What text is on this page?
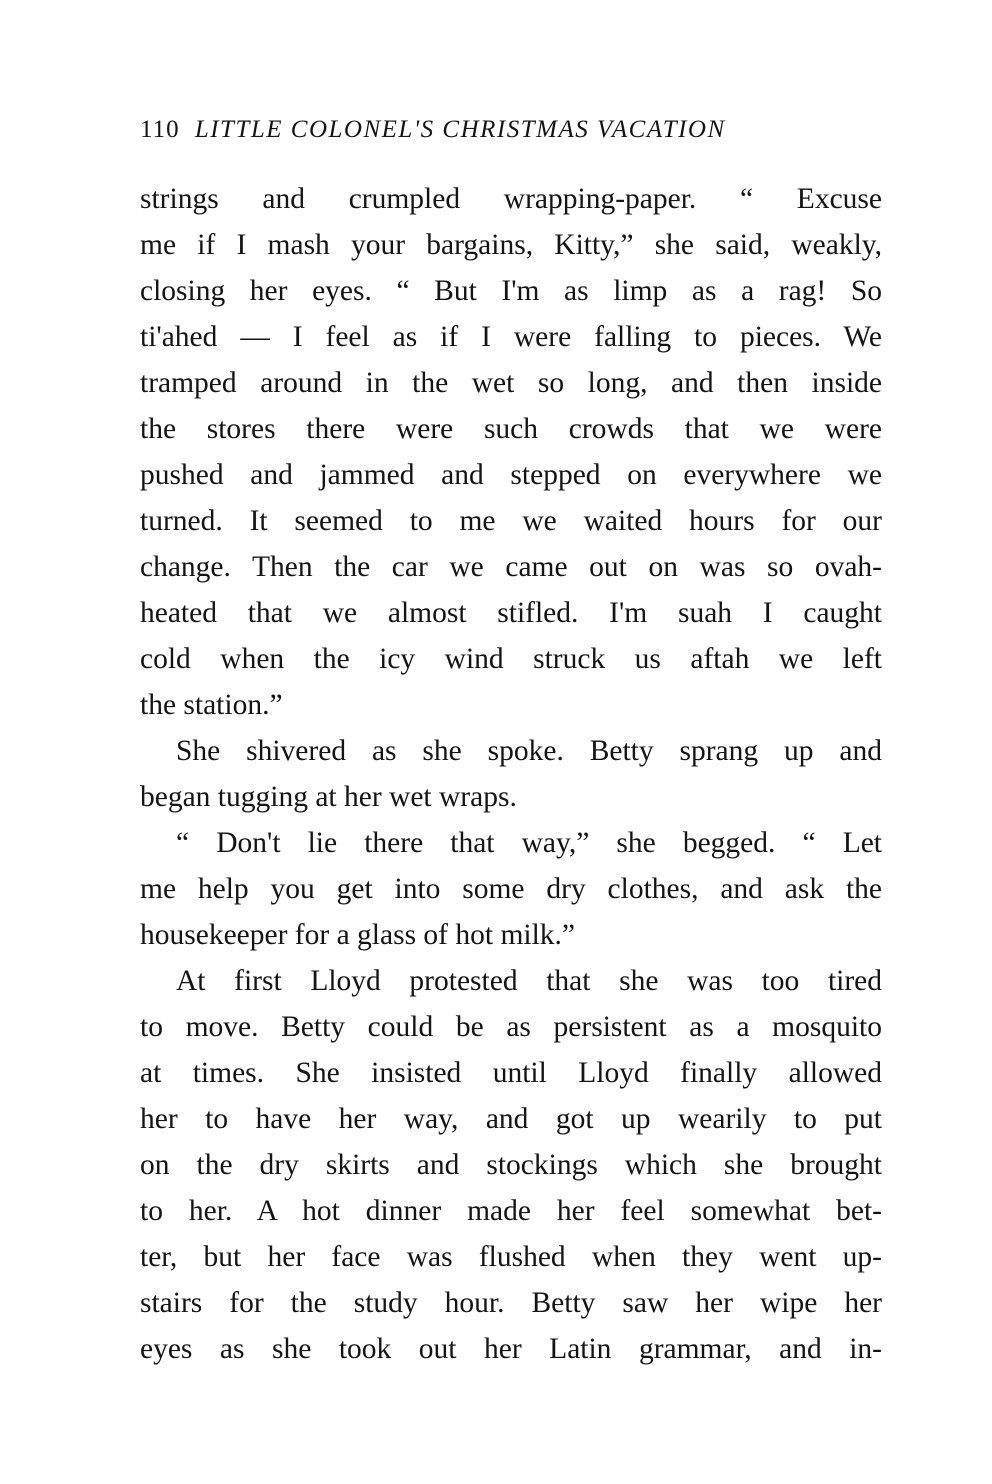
110 LITTLE COLONEL'S CHRISTMAS VACATION
strings and crumpled wrapping-paper. “ Excuse
me if I mash your bargains, Kitty,” she said, weakly,
closing her eyes. “ But I'm as limp as a rag! So
ti'ahed — I feel as if I were falling to pieces. We
tramped around in the wet so long, and then inside
the stores there were such crowds that we were
pushed and jammed and stepped on everywhere we
turned. It seemed to me we waited hours for our
change. Then the car we came out on was so ovah-
heated that we almost stifled. I'm suah I caught
cold when the icy wind struck us aftah we left
the station.”
She shivered as she spoke. Betty sprang up and
began tugging at her wet wraps.
“ Don't lie there that way,” she begged. “ Let
me help you get into some dry clothes, and ask the
housekeeper for a glass of hot milk.”
At first Lloyd protested that she was too tired
to move. Betty could be as persistent as a mosquito
at times. She insisted until Lloyd finally allowed
her to have her way, and got up wearily to put
on the dry skirts and stockings which she brought
to her. A hot dinner made her feel somewhat bet-
ter, but her face was flushed when they went up-
stairs for the study hour. Betty saw her wipe her
eyes as she took out her Latin grammar, and in-
